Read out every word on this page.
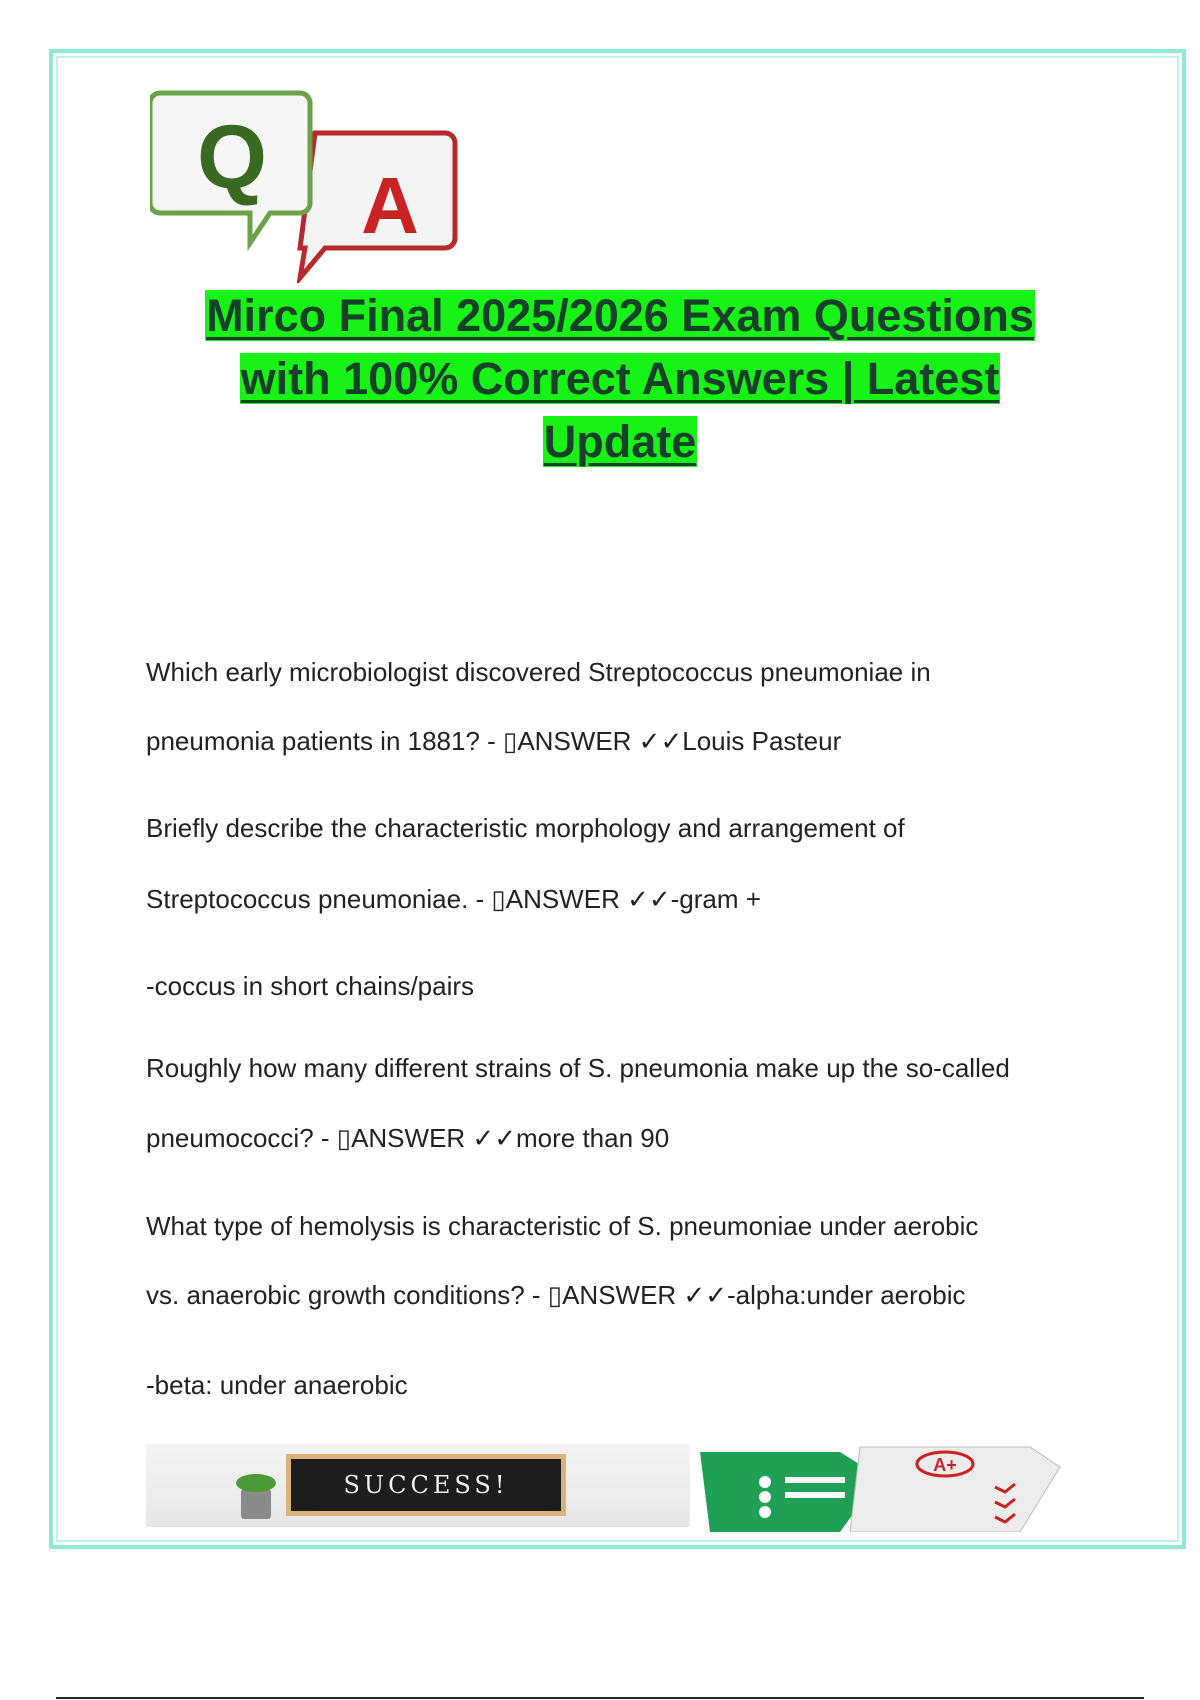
Q A
Mirco Final 2025/2026 Exam Questions
with 100% Correct Answers | Latest
Update
Which early microbiologist discovered Streptococcus pneumoniae in
pneumonia patients in 1881? - ▯ANSWER ✓✓Louis Pasteur
Briefly describe the characteristic morphology and arrangement of
Streptococcus pneumoniae. - ▯ANSWER ✓✓-gram +
-coccus in short chains/pairs
Roughly how many different strains of S. pneumonia make up the so-called
pneumococci? - ▯ANSWER ✓✓more than 90
What type of hemolysis is characteristic of S. pneumoniae under aerobic
vs. anaerobic growth conditions? - ▯ANSWER ✓✓-alpha:under aerobic
-beta: under anaerobic
SUCCESS!
A+
